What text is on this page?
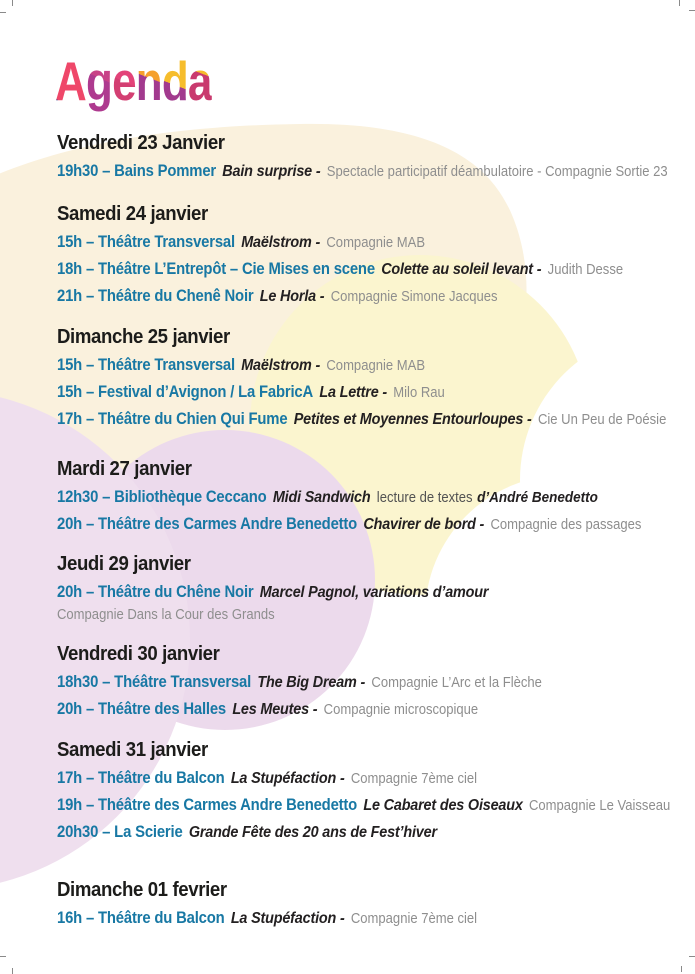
Agenda
Vendredi 23 Janvier
19h30 – Bains Pommer Bain surprise - Spectacle participatif déambulatoire - Compagnie Sortie 23
Samedi 24 janvier
15h – Théâtre Transversal Maëlstrom - Compagnie MAB
18h – Théâtre L’Entrepôt – Cie Mises en scene Colette au soleil levant - Judith Desse
21h – Théâtre du Chenê Noir Le Horla - Compagnie Simone Jacques
Dimanche 25 janvier
15h – Théâtre Transversal Maëlstrom - Compagnie MAB
15h – Festival d’Avignon / La FabricA La Lettre - Milo Rau
17h – Théâtre du Chien Qui Fume Petites et Moyennes Entourloupes - Cie Un Peu de Poésie
Mardi 27 janvier
12h30 – Bibliothèque Ceccano Midi Sandwich lecture de textes d’André Benedetto
20h – Théâtre des Carmes Andre Benedetto Chavirer de bord - Compagnie des passages
Jeudi 29 janvier
20h – Théâtre du Chêne Noir Marcel Pagnol, variations d’amour
Compagnie Dans la Cour des Grands
Vendredi 30 janvier
18h30 – Théâtre Transversal The Big Dream - Compagnie L’Arc et la Flèche
20h – Théâtre des Halles Les Meutes - Compagnie microscopique
Samedi 31 janvier
17h – Théâtre du Balcon La Stupéfaction - Compagnie 7ème ciel
19h – Théâtre des Carmes Andre Benedetto Le Cabaret des Oiseaux Compagnie Le Vaisseau
20h30 – La Scierie Grande Fête des 20 ans de Fest’hiver
Dimanche 01 fevrier
16h – Théâtre du Balcon La Stupéfaction - Compagnie 7ème ciel
